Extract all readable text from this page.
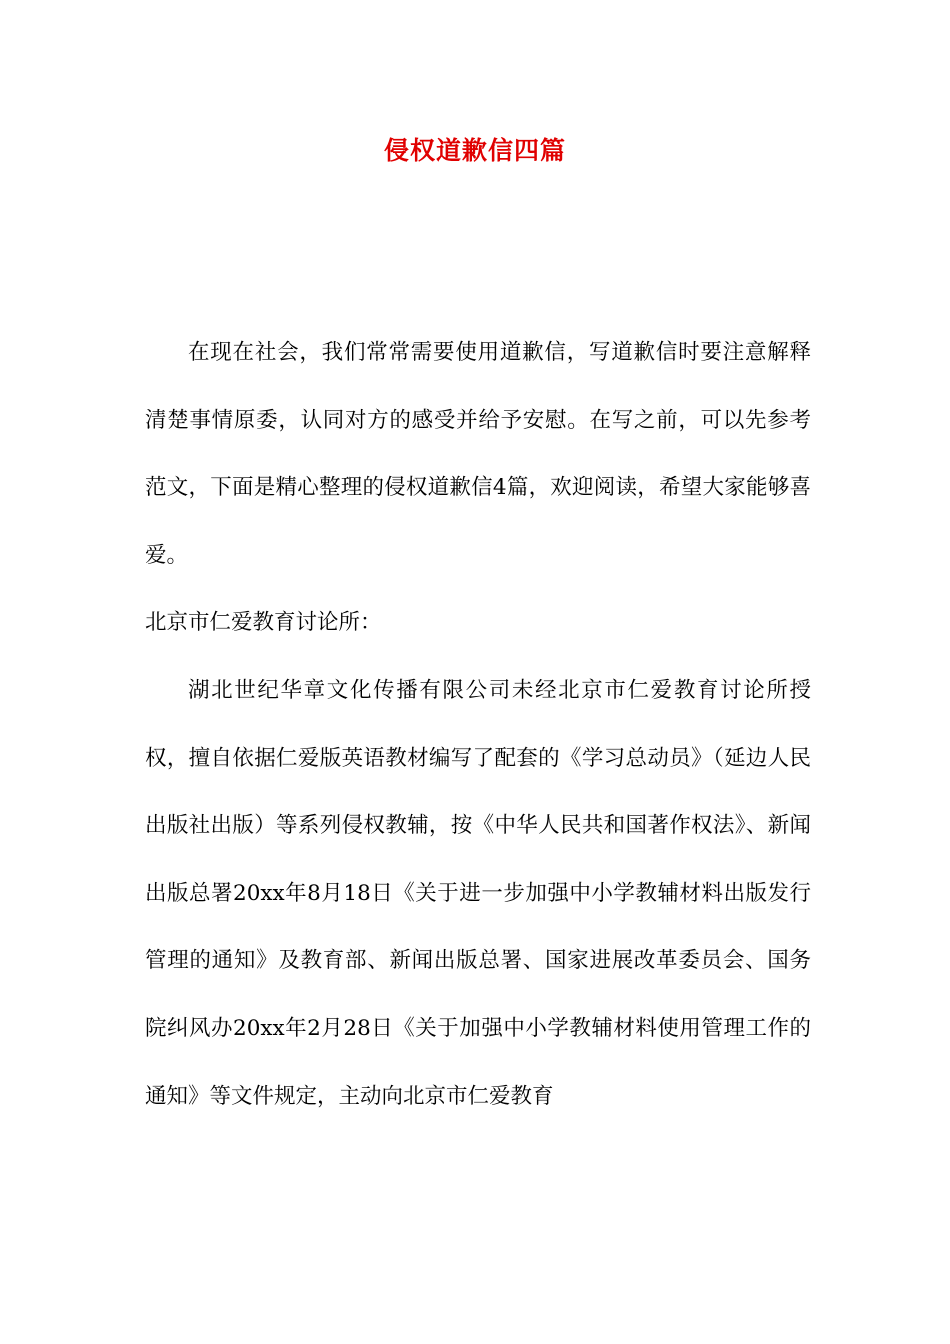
侵权道歉信四篇

在现在社会，我们常常需要使用道歉信，写道歉信时要注意解释清楚事情原委，认同对方的感受并给予安慰。在写之前，可以先参考范文，下面是精心整理的侵权道歉信4篇，欢迎阅读，希望大家能够喜爱。

北京市仁爱教育讨论所：

湖北世纪华章文化传播有限公司未经北京市仁爱教育讨论所授权，擅自依据仁爱版英语教材编写了配套的《学习总动员》（延边人民出版社出版）等系列侵权教辅，按《中华人民共和国著作权法》、新闻出版总署20xx年8月18日《关于进一步加强中小学教辅材料出版发行管理的通知》及教育部、新闻出版总署、国家进展改革委员会、国务院纠风办20xx年2月28日《关于加强中小学教辅材料使用管理工作的通知》等文件规定，主动向北京市仁爱教育
